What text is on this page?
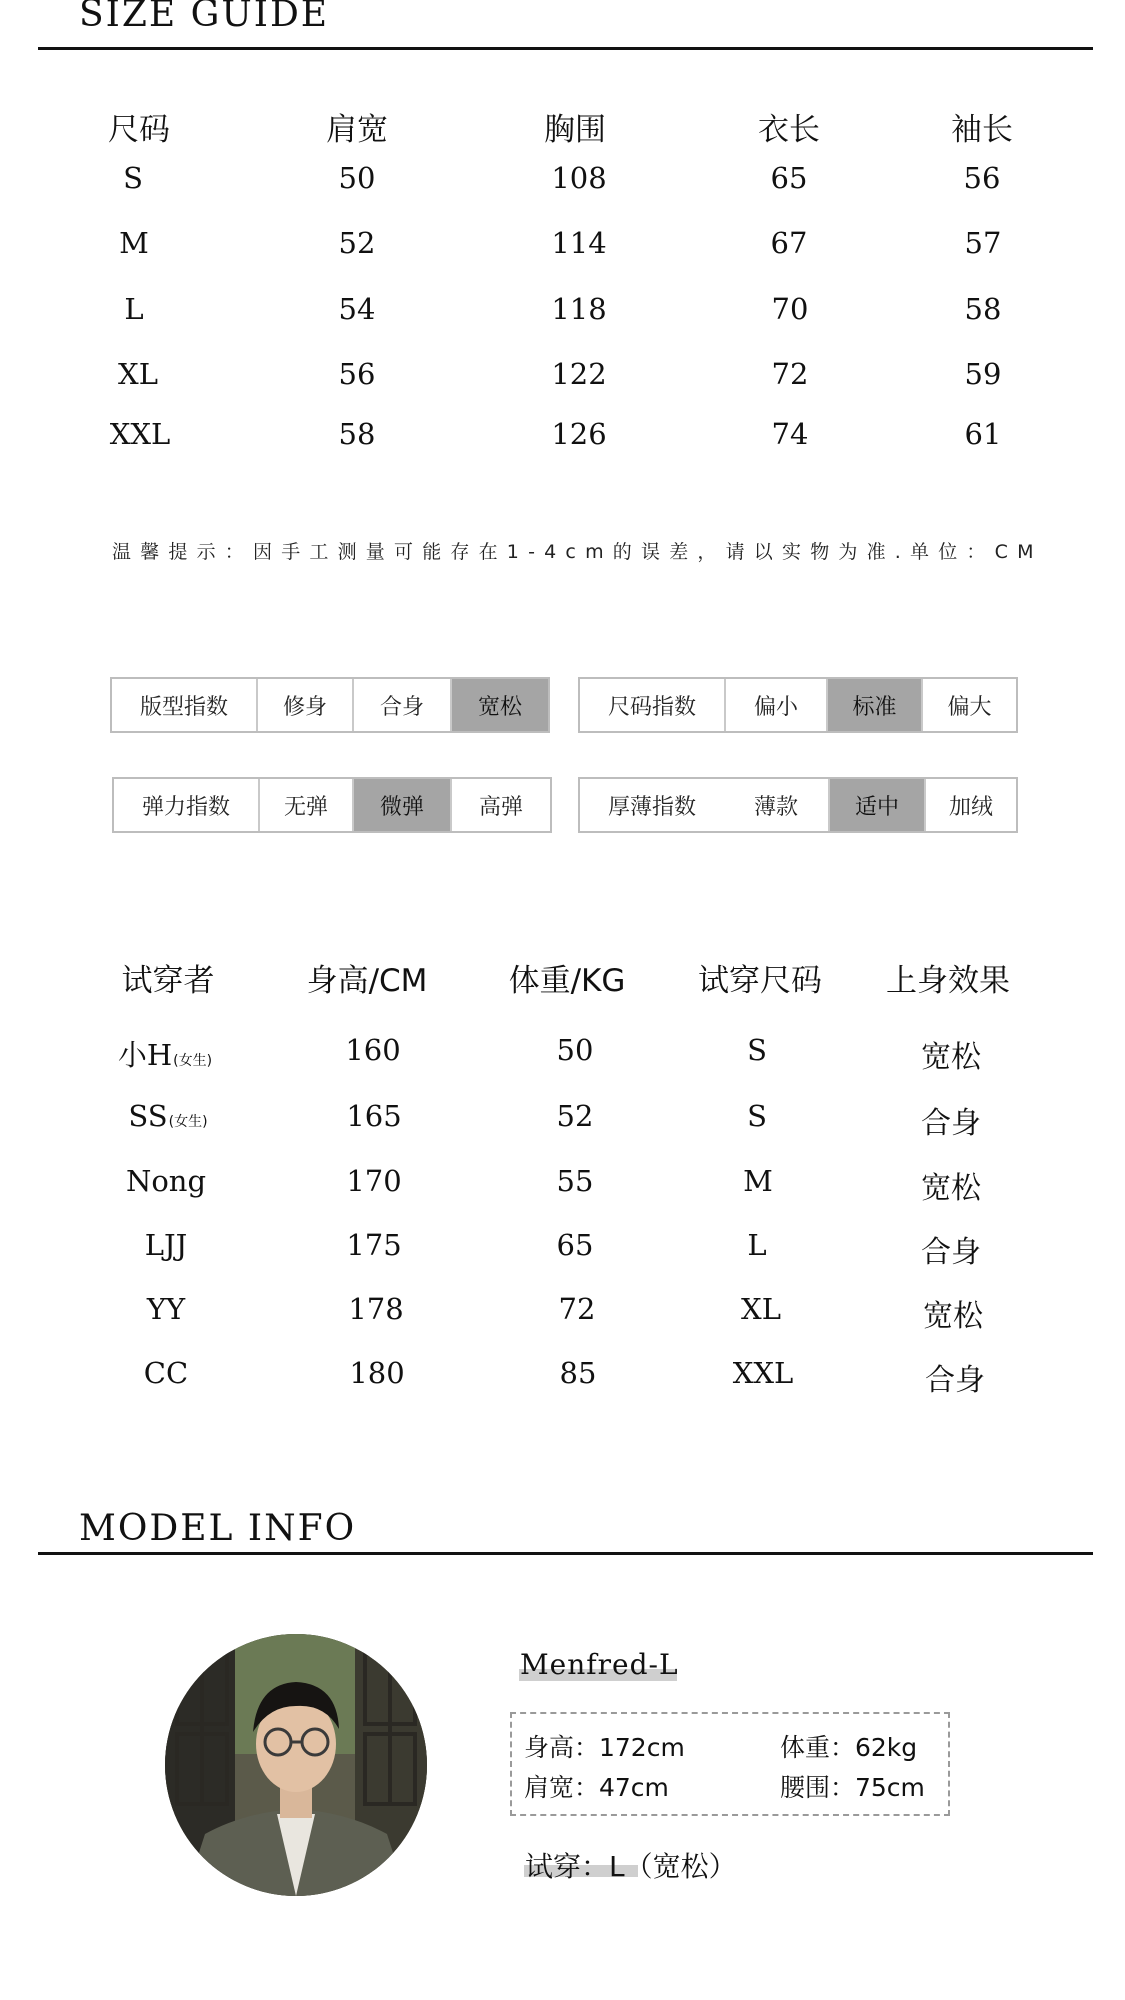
SIZE GUIDE
尺码	肩宽	胸围	衣长	袖长
S	50	108	65	56
M	52	114	67	57
L	54	118	70	58
XL	56	122	72	59
XXL	58	126	74	61
温馨提示：因手工测量可能存在1-4cm的误差，请以实物为准.单位：CM
版型指数	修身	合身	宽松	尺码指数	偏小	标准	偏大
弹力指数	无弹	微弹	高弹	厚薄指数	薄款	适中	加绒
试穿者	身高/CM	体重/KG	试穿尺码	上身效果
小H(女生)	160	50	S	宽松
SS(女生)	165	52	S	合身
Nong	170	55	M	宽松
LJJ	175	65	L	合身
YY	178	72	XL	宽松
CC	180	85	XXL	合身
MODEL INFO
Menfred-L
身高：172cm	体重：62kg
肩宽：47cm	腰围：75cm
试穿：L（宽松）
